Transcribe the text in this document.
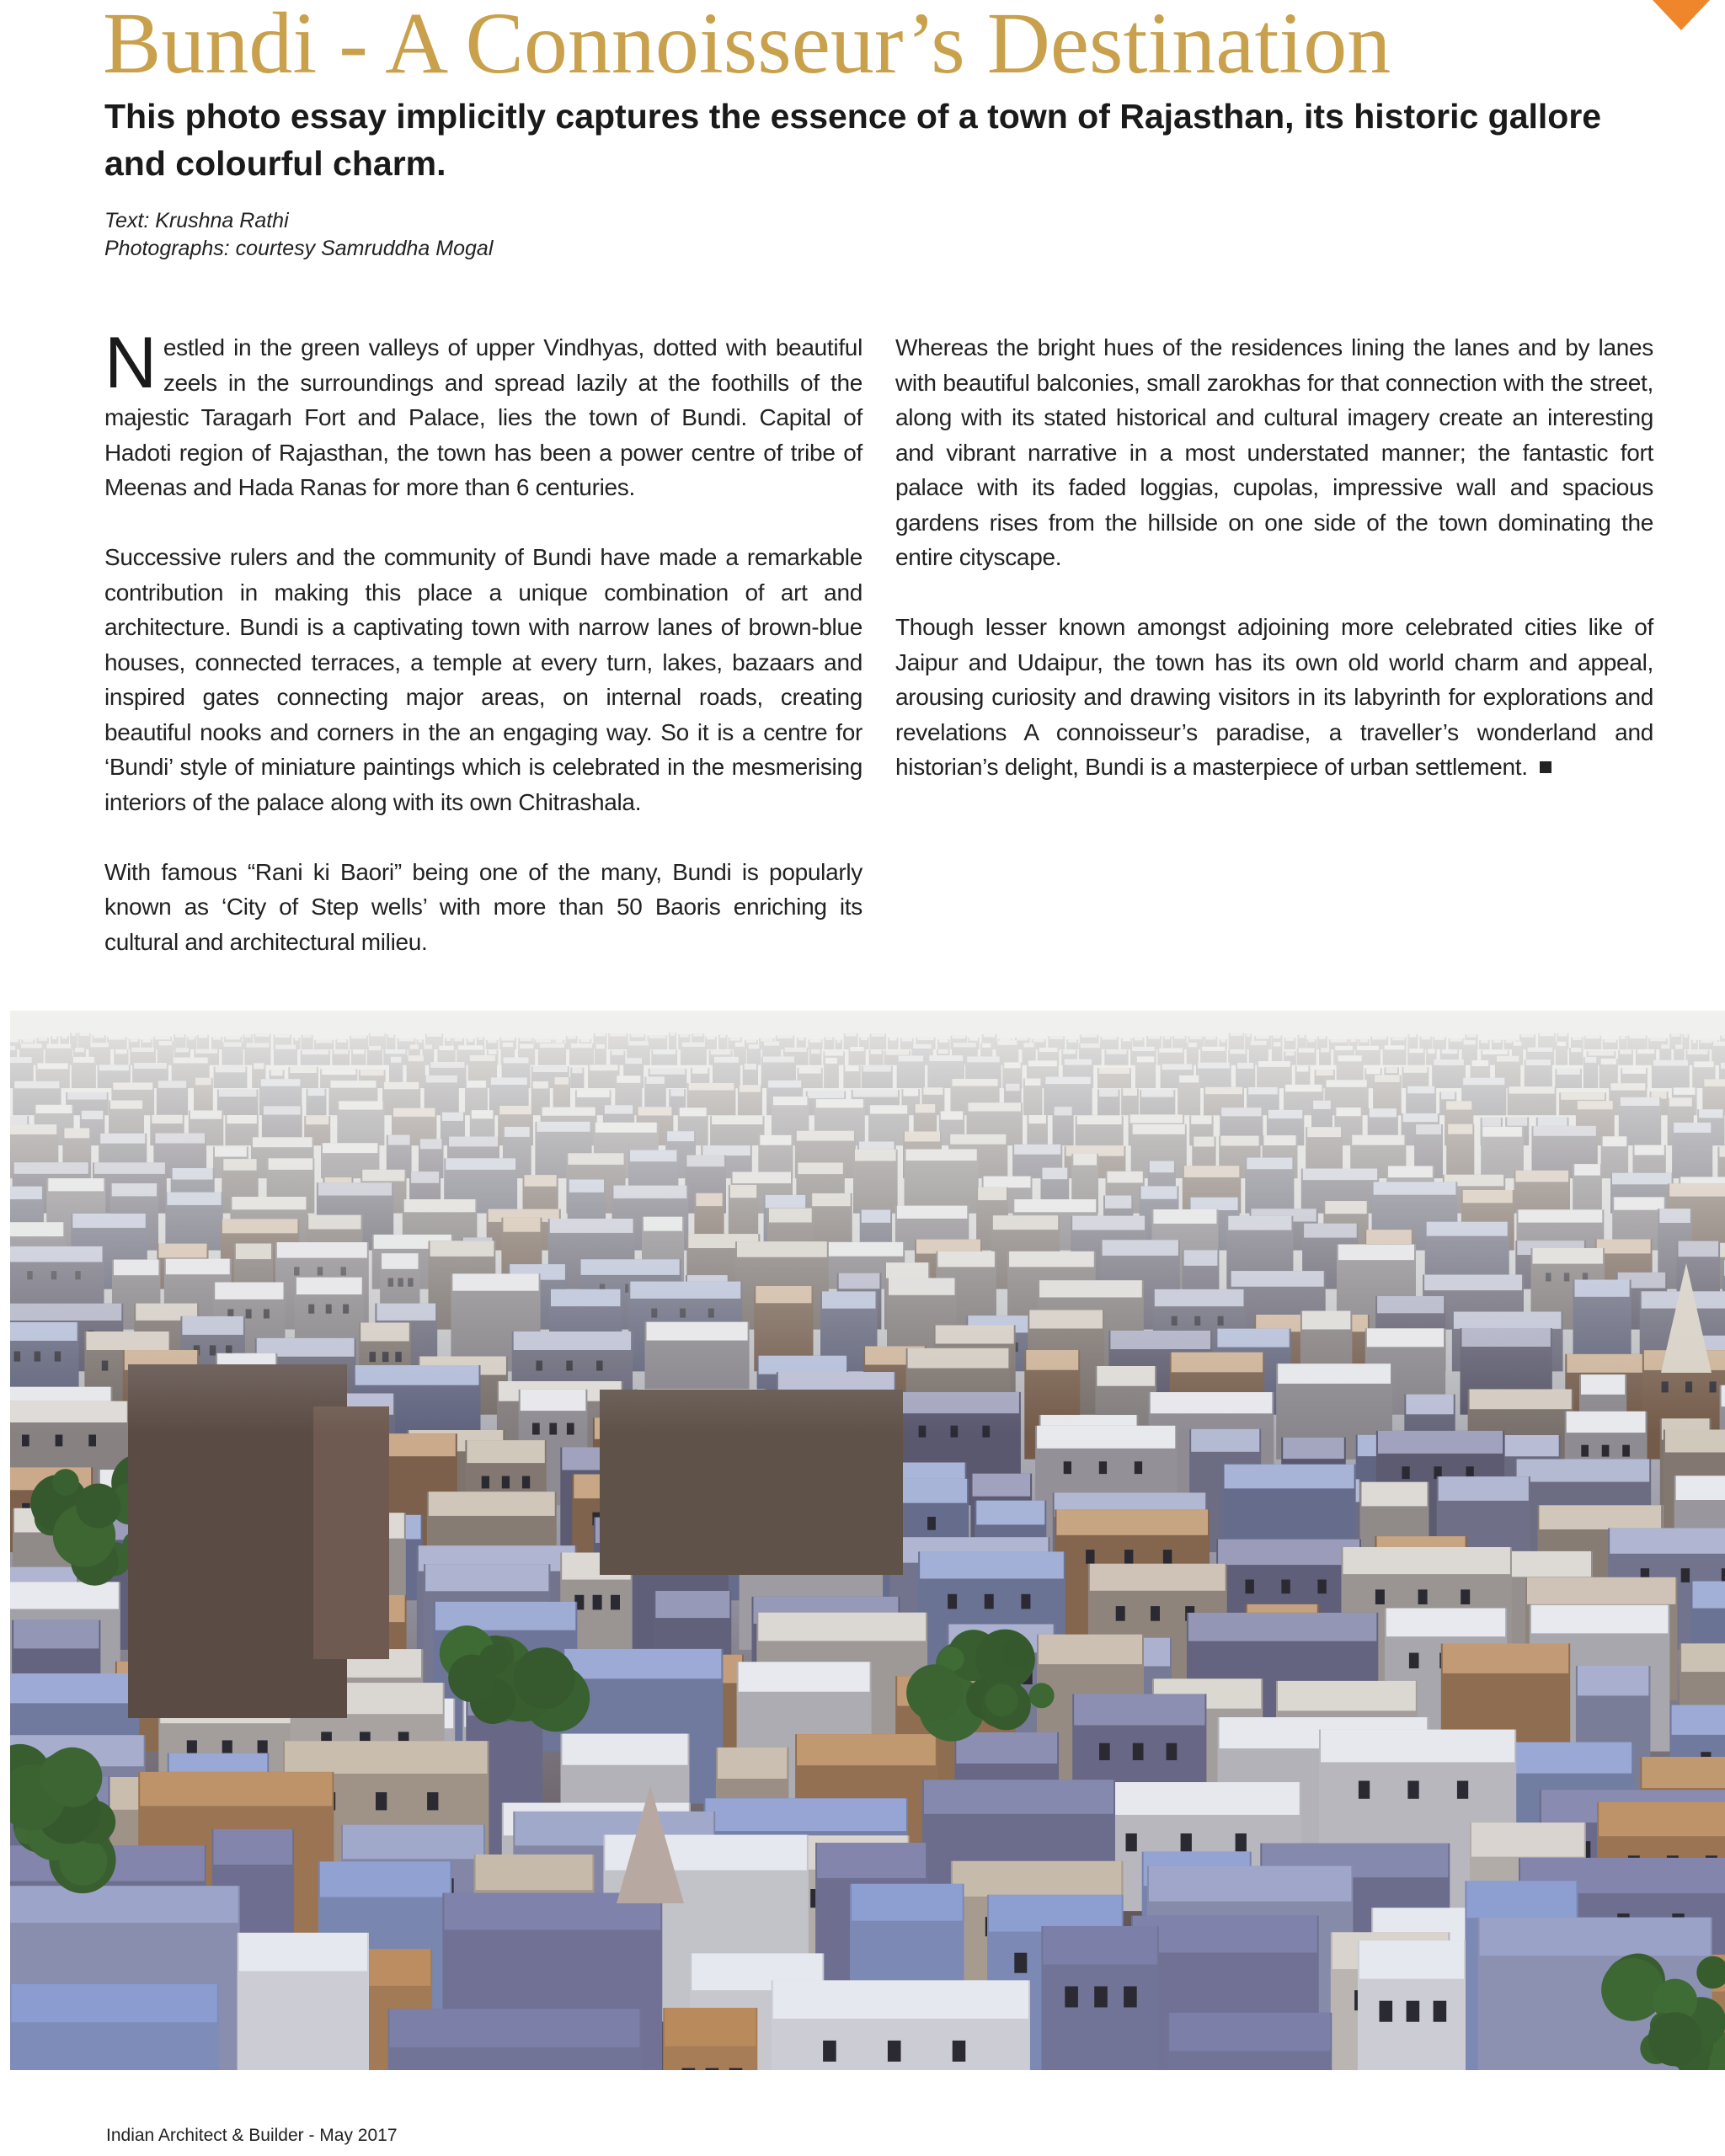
Bundi - A Connoisseur’s Destination

This photo essay implicitly captures the essence of a town of Rajasthan, its historic gallore and colourful charm.

Text: Krushna Rathi
Photographs: courtesy Samruddha Mogal

Nestled in the green valleys of upper Vindhyas, dotted with beautiful zeels in the surroundings and spread lazily at the foothills of the majestic Taragarh Fort and Palace, lies the town of Bundi. Capital of Hadoti region of Rajasthan, the town has been a power centre of tribe of Meenas and Hada Ranas for more than 6 centuries.

Successive rulers and the community of Bundi have made a remarkable contribution in making this place a unique combination of art and architecture. Bundi is a captivating town with narrow lanes of brown-blue houses, connected terraces, a temple at every turn, lakes, bazaars and inspired gates connecting major areas, on internal roads, creating beautiful nooks and corners in the an engaging way. So it is a centre for ‘Bundi’ style of miniature paintings which is celebrated in the mesmerising interiors of the palace along with its own Chitrashala.

With famous “Rani ki Baori” being one of the many, Bundi is popularly known as ‘City of Step wells’ with more than 50 Baoris enriching its cultural and architectural milieu.

Whereas the bright hues of the residences lining the lanes and by lanes with beautiful balconies, small zarokhas for that connection with the street, along with its stated historical and cultural imagery create an interesting and vibrant narrative in a most understated manner; the fantastic fort palace with its faded loggias, cupolas, impressive wall and spacious gardens rises from the hillside on one side of the town dominating the entire cityscape.

Though lesser known amongst adjoining more celebrated cities like of Jaipur and Udaipur, the town has its own old world charm and appeal, arousing curiosity and drawing visitors in its labyrinth for explorations and revelations A connoisseur’s paradise, a traveller’s wonderland and historian’s delight, Bundi is a masterpiece of urban settlement.

Indian Architect & Builder - May 2017
